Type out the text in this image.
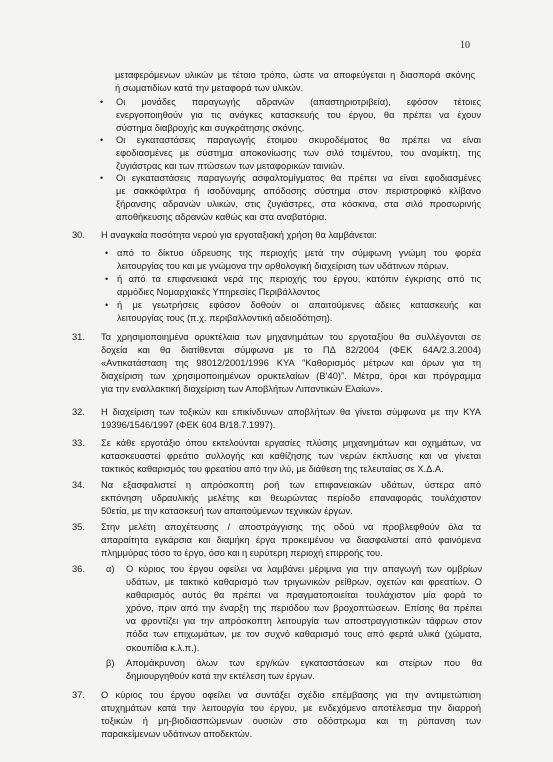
10
μεταφερόμενων υλικών με τέτοιο τρόπο, ώστε να αποφεύγεται η διασπορά σκόνης
ή σωματιδίων κατά την μεταφορά των υλικών.
• Οι μονάδες παραγωγής αδρανών (απαστηριοτριβεία), εφόσον τέτοιες
ενεργοποιηθούν για τις ανάγκες κατασκευής του έργου, θα πρέπει να έχουν
σύστημα διαβροχής και συγκράτησης σκόνης.
• Οι εγκαταστάσεις παραγωγής έτοιμου σκυροδέματος θα πρέπει να είναι
εφοδιασμένες με σύστημα αποκονίωσης των σιλό τσιμέντου, του αναμίκτη, της
ζυγιάστρας και των πτώσεων των μεταφορικών ταινιών.
• Οι εγκαταστάσεις παραγωγής ασφαλτομίγματος θα πρέπει να είναι εφοδιασμένες
με σακκόφιλτρα ή ισοδύναμης απόδοσης σύστημα στον περιστροφικό κλίβανο
ξήρανσης αδρανών υλικών, στις ζυγιάστρες, στα κόσκινα, στα σιλό προσωρινής
αποθήκευσης αδρανών καθώς και στα αναβατόρια.
30. Η αναγκαία ποσότητα νερού για εργοταξιακή χρήση θα λαμβάνεται:
• από το δίκτυο ύδρευσης της περιοχής μετά την σύμφωνη γνώμη του φορέα
λειτουργίας του και με γνώμονα την ορθολογική διαχείριση των υδάτινων πόρων.
• ή από τα επιφανειακά νερά της περιοχής του έργου, κατόπιν έγκρισης από τις
αρμόδιες Νομαρχιακές Υπηρεσίες Περιβάλλοντος
• ή με γεωτρήσεις εφόσον δοθούν οι απαιτούμενες άδειες κατασκευής και
λειτουργίας τους (π.χ. περιβαλλοντική αδειοδότηση).
31. Τα χρησιμοποιημένα ορυκτέλαια των μηχανημάτων του εργοταξίου θα συλλέγονται σε
δοχεία και θα διατίθενται σύμφωνα με το ΠΔ 82/2004 (ΦΕΚ 64Α/2.3.2004)
«Αντικατάσταση της 98012/2001/1996 ΚΥΑ “Καθορισμός μέτρων και όρων για τη
διαχείριση των χρησιμοποιημένων ορυκτελαίων (Β’40)”. Μέτρα, όροι και πρόγραμμα
για την εναλλακτική διαχείριση των Αποβλήτων Λιπαντικών Ελαίων».
32. Η διαχείριση των τοξικών και επικίνδυνων αποβλήτων θα γίνεται σύμφωνα με την ΚΥΑ
19396/1546/1997 (ΦΕΚ 604 Β/18.7.1997).
33. Σε κάθε εργοτάξιο όπου εκτελούνται εργασίες πλύσης μηχανημάτων και οχημάτων, να
κατασκευαστεί φρεάτιο συλλογής και καθίζησης των νερών έκπλυσης και να γίνεται
τακτικός καθαρισμός του φρεατίου από την ιλύ, με διάθεση της τελευταίας σε Χ.Δ.Α.
34. Να εξασφαλιστεί η απρόσκοπτη ροή των επιφανειακών υδάτων, ύστερα από
εκπόνηση υδραυλικής μελέτης και θεωρώντας περίοδο επαναφοράς τουλάχιστον
50ετία, με την κατασκευή των απαιτούμενων τεχνικών έργων.
35. Στην μελέτη αποχέτευσης / αποστράγγισης της οδού να προβλεφθούν όλα τα
απαραίτητα εγκάρσια και διαμήκη έργα προκειμένου να διασφαλιστεί από φαινόμενα
πλημμύρας τόσο το έργο, όσο και η ευρύτερη περιοχή επιρροής του.
36. α) Ο κύριος του έργου οφείλει να λαμβάνει μέριμνα για την απαγωγή των ομβρίων
υδάτων, με τακτικό καθαρισμό των τριγωνικών ρείθρων, οχετών και φρεατίων. Ο
καθαρισμός αυτός θα πρέπει να πραγματοποιείται τουλάχιστον μία φορά το
χρόνο, πριν από την έναρξη της περιόδου των βροχοπτώσεων. Επίσης θα πρέπει
να φροντίζει για την απρόσκοπτη λειτουργία των αποστραγγιστικών τάφρων στον
πόδα των επιχωμάτων, με τον συχνό καθαρισμό τους από φερτά υλικά (χώματα,
σκουπίδια κ.λ.π.).
β) Απομάκρυνση όλων των εργ/κών εγκαταστάσεων και στείρων που θα
δημιουργηθούν κατά την εκτέλεση των έργων.
37. Ο κύριος του έργου οφείλει να συντάξει σχέδιο επέμβασης για την αντιμετώπιση
ατυχημάτων κατά την λειτουργία του έργου, με ενδεχόμενο αποτέλεσμα την διαρροή
τοξικών ή μη-βιοδιασπώμενων ουσιών στο οδόστρωμα και τη ρύπανση των
παρακείμενων υδάτινων αποδεκτών.
